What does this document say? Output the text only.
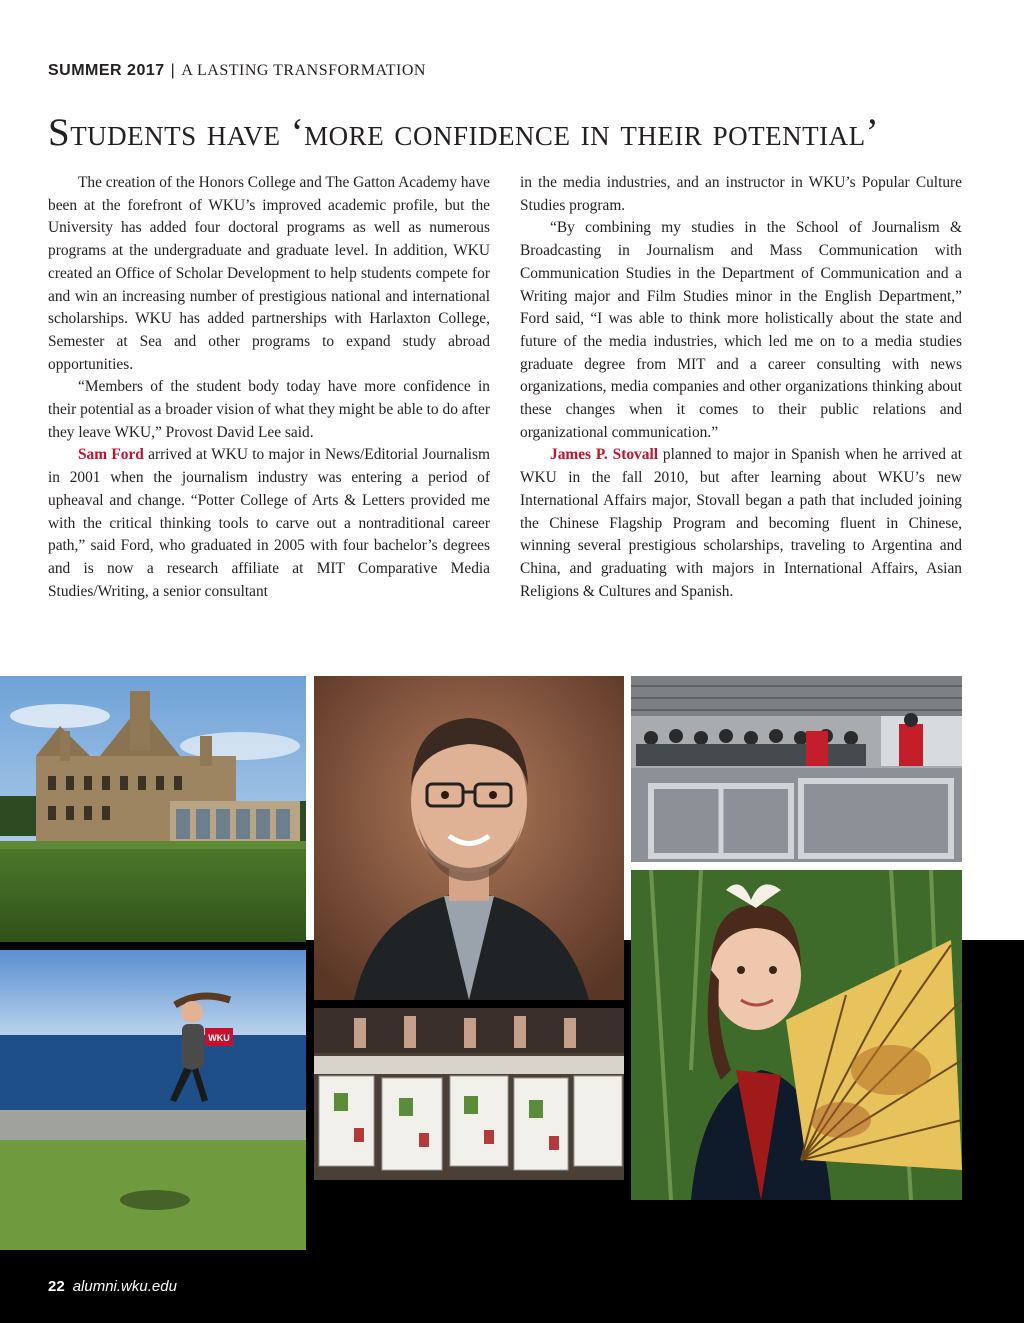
SUMMER 2017 | A LASTING TRANSFORMATION
Students have ‘more confidence in their potential’

The creation of the Honors College and The Gatton Academy have been at the forefront of WKU’s improved academic profile, but the University has added four doctoral programs as well as numerous programs at the undergraduate and graduate level. In addition, WKU created an Office of Scholar Development to help students compete for and win an increasing number of prestigious national and international scholarships. WKU has added partnerships with Harlaxton College, Semester at Sea and other programs to expand study abroad opportunities.

“Members of the student body today have more confidence in their potential as a broader vision of what they might be able to do after they leave WKU,” Provost David Lee said.

Sam Ford arrived at WKU to major in News/Editorial Journalism in 2001 when the journalism industry was entering a period of upheaval and change. “Potter College of Arts & Letters provided me with the critical thinking tools to carve out a nontraditional career path,” said Ford, who graduated in 2005 with four bachelor’s degrees and is now a research affiliate at MIT Comparative Media Studies/Writing, a senior consultant

in the media industries, and an instructor in WKU’s Popular Culture Studies program.

“By combining my studies in the School of Journalism & Broadcasting in Journalism and Mass Communication with Communication Studies in the Department of Communication and a Writing major and Film Studies minor in the English Department,” Ford said, “I was able to think more holistically about the state and future of the media industries, which led me on to a media studies graduate degree from MIT and a career consulting with news organizations, media companies and other organizations thinking about these changes when it comes to their public relations and organizational communication.”

James P. Stovall planned to major in Spanish when he arrived at WKU in the fall 2010, but after learning about WKU’s new International Affairs major, Stovall began a path that included joining the Chinese Flagship Program and becoming fluent in Chinese, winning several prestigious scholarships, traveling to Argentina and China, and graduating with majors in International Affairs, Asian Religions & Cultures and Spanish.

WKU
22 alumni.wku.edu
